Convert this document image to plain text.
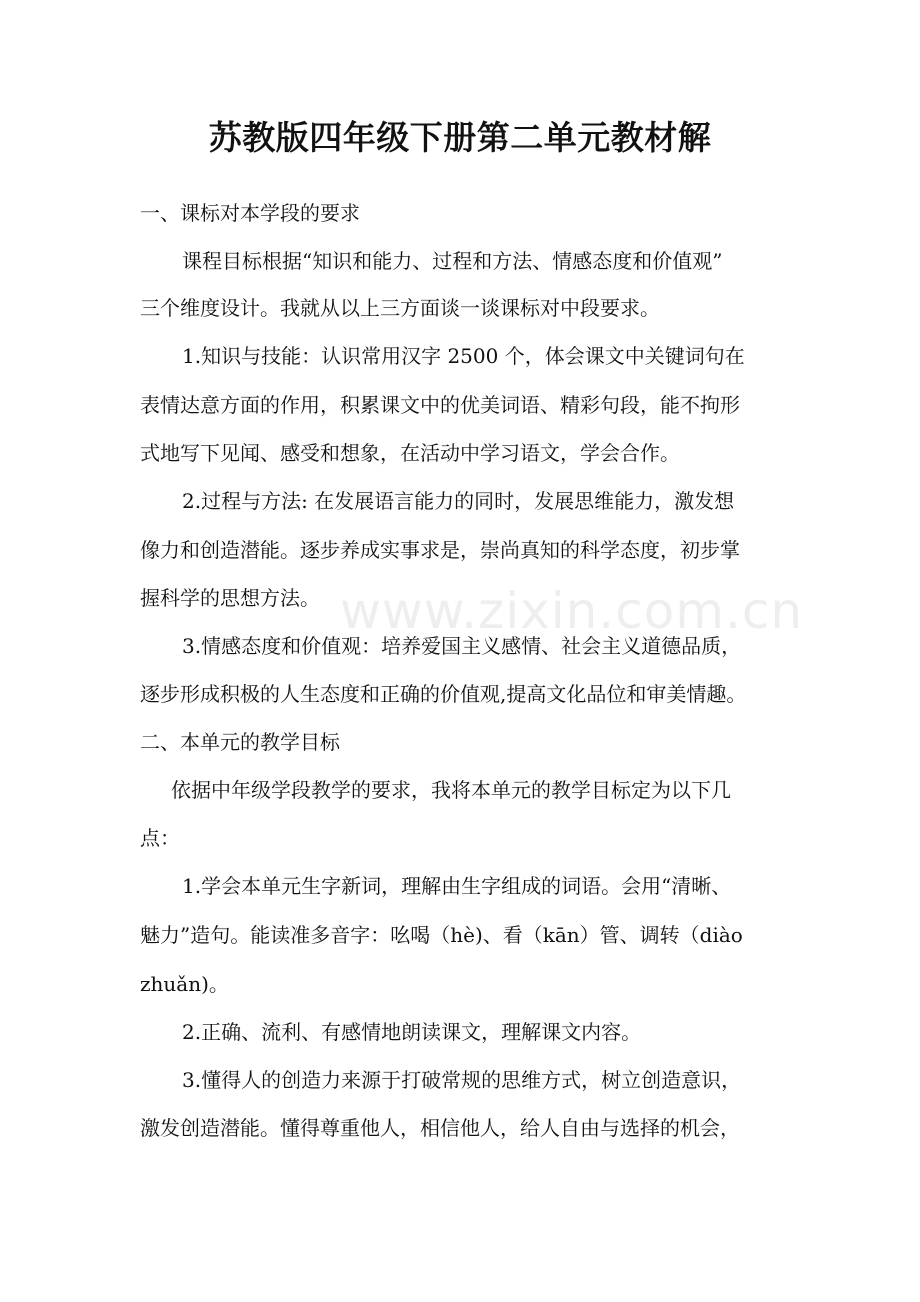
苏教版四年级下册第二单元教材解
一、课标对本学段的要求
课程目标根据“知识和能力、过程和方法、情感态度和价值观”
三个维度设计。我就从以上三方面谈一谈课标对中段要求。
1.知识与技能：认识常用汉字 2500 个，体会课文中关键词句在
表情达意方面的作用，积累课文中的优美词语、精彩句段，能不拘形
式地写下见闻、感受和想象，在活动中学习语文，学会合作。
2.过程与方法: 在发展语言能力的同时，发展思维能力，激发想
像力和创造潜能。逐步养成实事求是，崇尚真知的科学态度，初步掌
握科学的思想方法。
3.情感态度和价值观：培养爱国主义感情、社会主义道德品质，
逐步形成积极的人生态度和正确的价值观,提高文化品位和审美情趣。
二、本单元的教学目标
依据中年级学段教学的要求，我将本单元的教学目标定为以下几
点：
1.学会本单元生字新词，理解由生字组成的词语。会用“清晰、
魅力”造句。能读准多音字：吆喝（hè)、看（kān）管、调转（diào
zhuǎn)。
2.正确、流利、有感情地朗读课文，理解课文内容。
3.懂得人的创造力来源于打破常规的思维方式，树立创造意识，
激发创造潜能。懂得尊重他人，相信他人，给人自由与选择的机会，
www.zixin.com.cn
